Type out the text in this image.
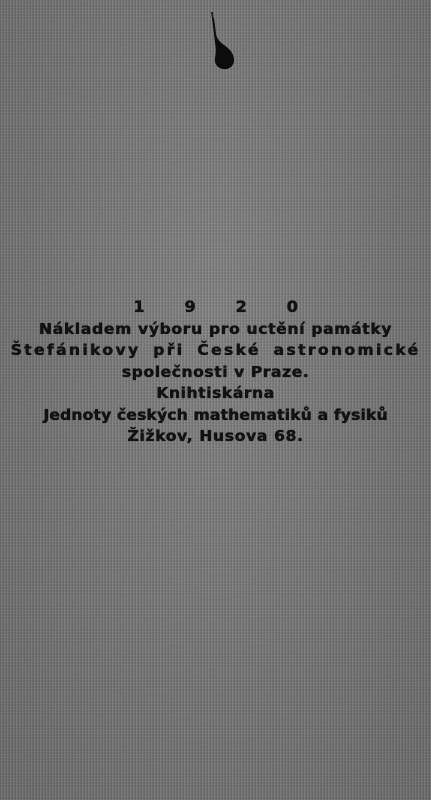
1920
Nákladem výboru pro uctění památky
Štefánikovy při České astronomické
společnosti v Praze.
Knihtiskárna
Jednoty českých mathematiků a fysiků
Žižkov, Husova 68.
